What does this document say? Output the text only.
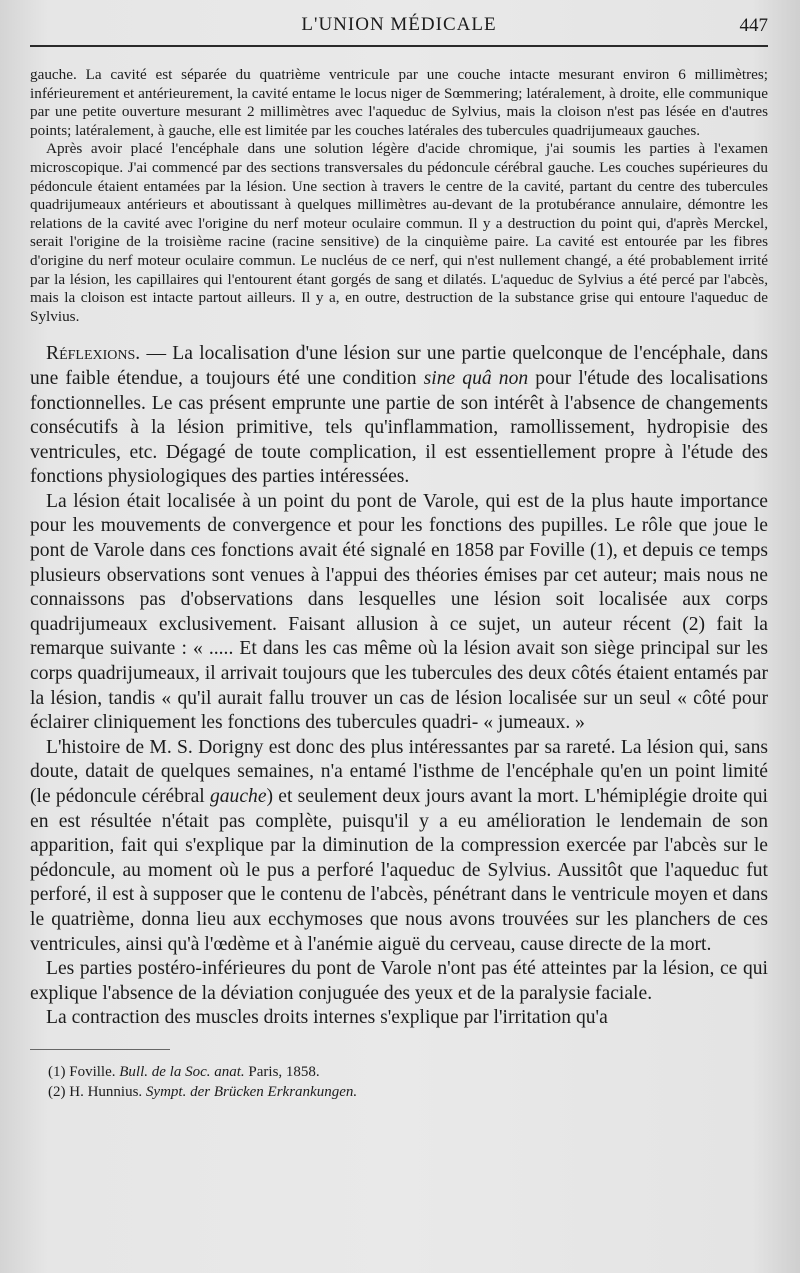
L'UNION MÉDICALE	447

gauche. La cavité est séparée du quatrième ventricule par une couche intacte mesurant environ 6 millimètres; inférieurement et antérieurement, la cavité entame le locus niger de Sœmmering; latéralement, à droite, elle communique par une petite ouverture mesurant 2 millimètres avec l'aqueduc de Sylvius, mais la cloison n'est pas lésée en d'autres points; latéralement, à gauche, elle est limitée par les couches latérales des tubercules quadrijumeaux gauches.

Après avoir placé l'encéphale dans une solution légère d'acide chromique, j'ai soumis les parties à l'examen microscopique. J'ai commencé par des sections transversales du pédoncule cérébral gauche. Les couches supérieures du pédoncule étaient entamées par la lésion. Une section à travers le centre de la cavité, partant du centre des tubercules quadrijumeaux antérieurs et aboutissant à quelques millimètres au-devant de la protubérance annulaire, démontre les relations de la cavité avec l'origine du nerf moteur oculaire commun. Il y a destruction du point qui, d'après Merckel, serait l'origine de la troisième racine (racine sensitive) de la cinquième paire. La cavité est entourée par les fibres d'origine du nerf moteur oculaire commun. Le nucléus de ce nerf, qui n'est nullement changé, a été probablement irrité par la lésion, les capillaires qui l'entourent étant gorgés de sang et dilatés. L'aqueduc de Sylvius a été percé par l'abcès, mais la cloison est intacte partout ailleurs. Il y a, en outre, destruction de la substance grise qui entoure l'aqueduc de Sylvius.

Réflexions. — La localisation d'une lésion sur une partie quelconque de l'encéphale, dans une faible étendue, a toujours été une condition sine quâ non pour l'étude des localisations fonctionnelles. Le cas présent emprunte une partie de son intérêt à l'absence de changements consécutifs à la lésion primitive, tels qu'inflammation, ramollissement, hydropisie des ventricules, etc. Dégagé de toute complication, il est essentiellement propre à l'étude des fonctions physiologiques des parties intéressées.

La lésion était localisée à un point du pont de Varole, qui est de la plus haute importance pour les mouvements de convergence et pour les fonctions des pupilles. Le rôle que joue le pont de Varole dans ces fonctions avait été signalé en 1858 par Foville (1), et depuis ce temps plusieurs observations sont venues à l'appui des théories émises par cet auteur; mais nous ne connaissons pas d'observations dans lesquelles une lésion soit localisée aux corps quadrijumeaux exclusivement. Faisant allusion à ce sujet, un auteur récent (2) fait la remarque suivante : « ..... Et dans les cas même où la lésion avait son siège principal sur les corps quadrijumeaux, il arrivait toujours que les tubercules des deux côtés étaient entamés par la lésion, tandis « qu'il aurait fallu trouver un cas de lésion localisée sur un seul « côté pour éclairer cliniquement les fonctions des tubercules quadri- « jumeaux. »

L'histoire de M. S. Dorigny est donc des plus intéressantes par sa rareté. La lésion qui, sans doute, datait de quelques semaines, n'a entamé l'isthme de l'encéphale qu'en un point limité (le pédoncule cérébral gauche) et seulement deux jours avant la mort. L'hémiplégie droite qui en est résultée n'était pas complète, puisqu'il y a eu amélioration le lendemain de son apparition, fait qui s'explique par la diminution de la compression exercée par l'abcès sur le pédoncule, au moment où le pus a perforé l'aqueduc de Sylvius. Aussitôt que l'aqueduc fut perforé, il est à supposer que le contenu de l'abcès, pénétrant dans le ventricule moyen et dans le quatrième, donna lieu aux ecchymoses que nous avons trouvées sur les planchers de ces ventricules, ainsi qu'à l'œdème et à l'anémie aiguë du cerveau, cause directe de la mort.

Les parties postéro-inférieures du pont de Varole n'ont pas été atteintes par la lésion, ce qui explique l'absence de la déviation conjuguée des yeux et de la paralysie faciale.

La contraction des muscles droits internes s'explique par l'irritation qu'a

(1) Foville. Bull. de la Soc. anat. Paris, 1858.

(2) H. Hunnius. Sympt. der Brücken Erkrankungen.
